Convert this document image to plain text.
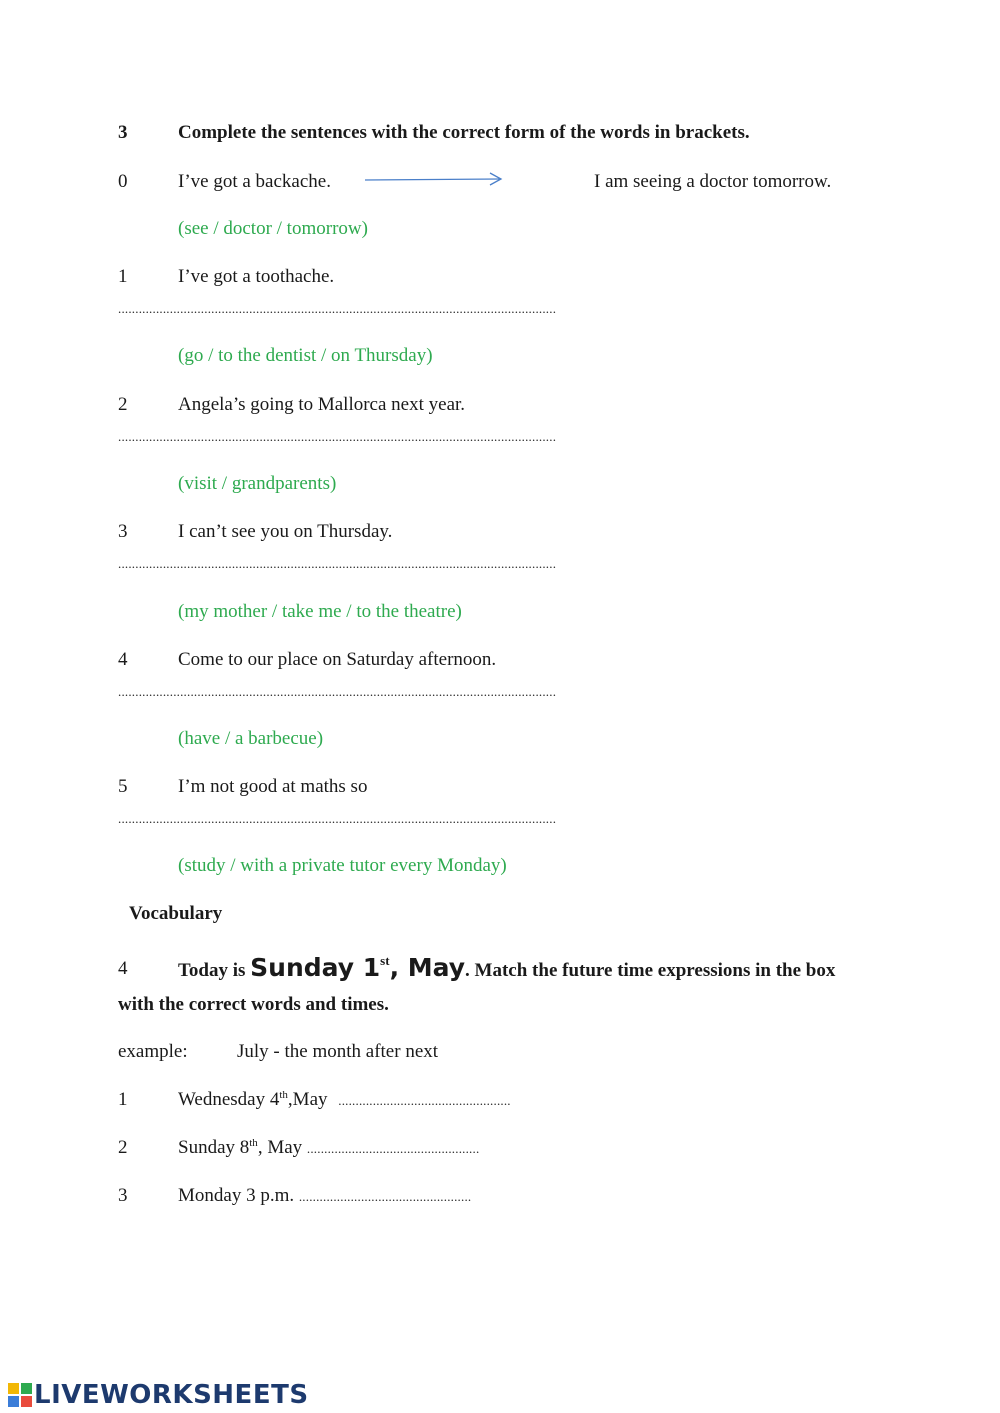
3	Complete the sentences with the correct form of the words in brackets.
0	I’ve got a backache.	I am seeing a doctor tomorrow.
(see / doctor / tomorrow)
1	I’ve got a toothache.
...............................................................................................................................
(go / to the dentist / on Thursday)
2	Angela’s going to Mallorca next year.
...............................................................................................................................
(visit / grandparents)
3	I can’t see you on Thursday.
...............................................................................................................................
(my mother / take me / to the theatre)
4	Come to our place on Saturday afternoon.
...............................................................................................................................
(have / a barbecue)
5	I’m not good at maths so
...............................................................................................................................
(study / with a private tutor every Monday)
Vocabulary
4	Today is Sunday 1st, May. Match the future time expressions in the box
with the correct words and times.
example:	July - the month after next
1	Wednesday 4th,May ..................................................
2	Sunday 8th, May ..................................................
3	Monday 3 p.m. ..................................................
LIVEWORKSHEETS
